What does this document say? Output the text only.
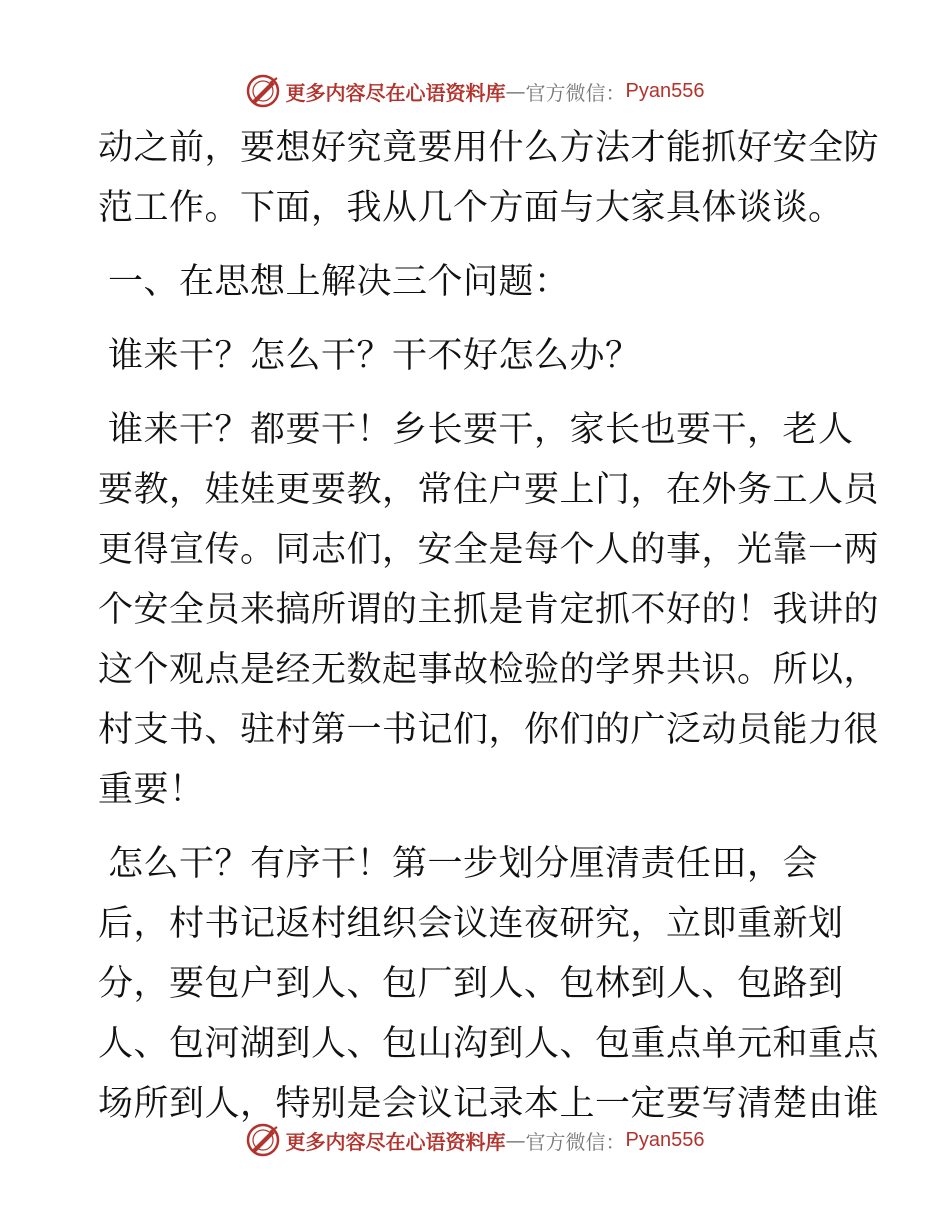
更多内容尽在心语资料库 — 官方微信： Pyan556
动之前，要想好究竟要用什么方法才能抓好安全防
范工作。下面，我从几个方面与大家具体谈谈。
一、在思想上解决三个问题：
谁来干？怎么干？干不好怎么办？
谁来干？都要干！乡长要干，家长也要干，老人
要教，娃娃更要教，常住户要上门，在外务工人员
更得宣传。同志们，安全是每个人的事，光靠一两
个安全员来搞所谓的主抓是肯定抓不好的！我讲的
这个观点是经无数起事故检验的学界共识。所以，
村支书、驻村第一书记们，你们的广泛动员能力很
重要！
怎么干？有序干！第一步划分厘清责任田，会
后，村书记返村组织会议连夜研究，立即重新划
分，要包户到人、包厂到人、包林到人、包路到
人、包河湖到人、包山沟到人、包重点单元和重点
场所到人，特别是会议记录本上一定要写清楚由谁
更多内容尽在心语资料库 — 官方微信： Pyan556
